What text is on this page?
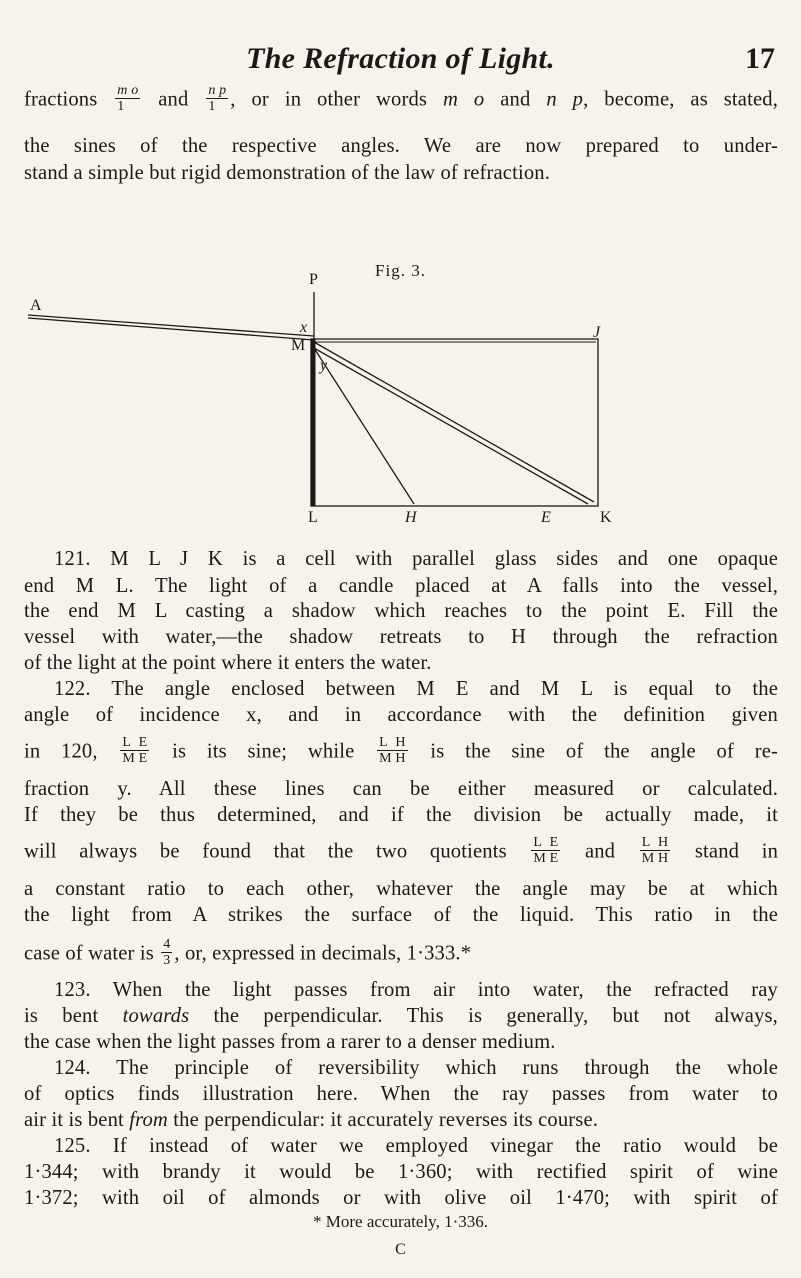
The Refraction of Light.	17
fractions $\frac{\text{m o}}{1}$ and $\frac{\text{n p}}{1}$ , or in other words m o and n p, become, as stated,
the sines of the respective angles. We are now prepared to under-
stand a simple but rigid demonstration of the law of refraction.
Fig. 3.
P
A
x	J
M
y
L	H	E	K
121. M L J K is a cell with parallel glass sides and one opaque
end M L. The light of a candle placed at A falls into the vessel,
the end M L casting a shadow which reaches to the point E. Fill the
vessel with water,—the shadow retreats to H through the refraction
of the light at the point where it enters the water.
122. The angle enclosed between M E and M L is equal to the
angle of incidence x, and in accordance with the definition given
in 120, $\frac{\text{L E}}{\text{M E}}$ is its sine; while $\frac{\text{L H}}{\text{M H}}$ is the sine of the angle of re-
fraction y. All these lines can be either measured or calculated.
If they be thus determined, and if the division be actually made, it
will always be found that the two quotients $\frac{\text{L E}}{\text{M E}}$ and $\frac{\text{L H}}{\text{M H}}$ stand in
a constant ratio to each other, whatever the angle may be at which
the light from A strikes the surface of the liquid. This ratio in the
case of water is $\frac{4}{3}$ , or, expressed in decimals, 1·333.*
123. When the light passes from air into water, the refracted ray
is bent towards the perpendicular. This is generally, but not always,
the case when the light passes from a rarer to a denser medium.
124. The principle of reversibility which runs through the whole
of optics finds illustration here. When the ray passes from water to
air it is bent from the perpendicular: it accurately reverses its course.
125. If instead of water we employed vinegar the ratio would be
1·344; with brandy it would be 1·360; with rectified spirit of wine
1·372; with oil of almonds or with olive oil 1·470; with spirit of
* More accurately, 1·336.
C
